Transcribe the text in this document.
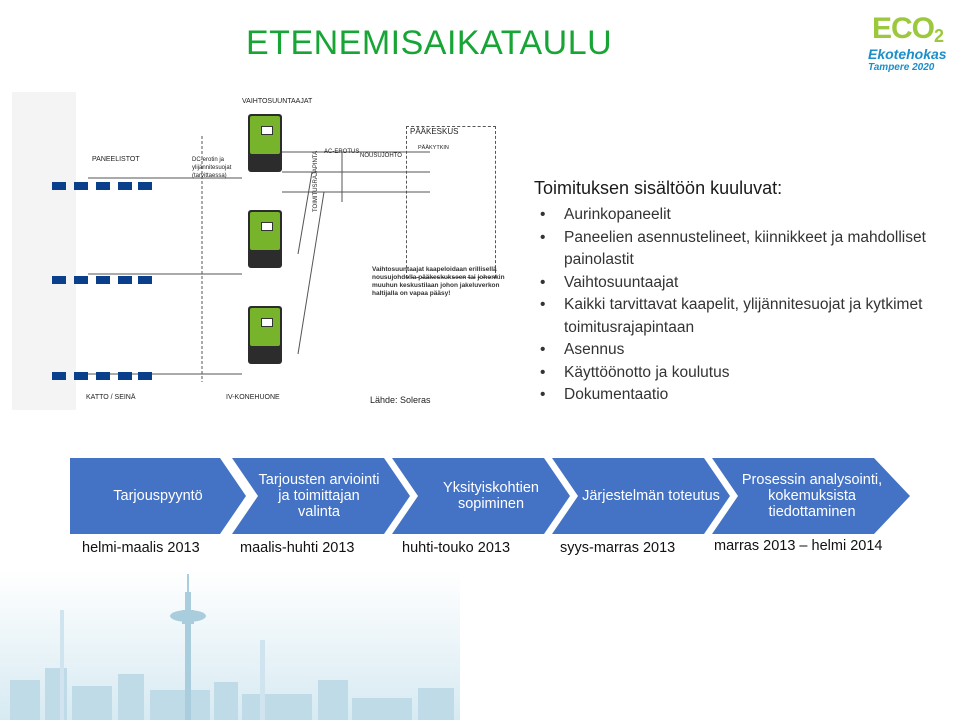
ETENEMISAIKATAULU	$ECO_2$
Ekotehokas
Tampere 2020
PANEELISTOT	DC-erotin ja
ylijännitesuojat
(tarvittaessa)
VAIHTOSUUNTAAJAT
AC-EROTUS
NOUSUJOHTO
TOIMITUSRAJAPINTA
PÄÄKESKUS
PÄÄKYTKIN
KATTO / SEINÄ	IV-KONEHUONE
Vaihtosuuntaajat kaapeloidaan erillisellä nousujohdolla pääkeskukseen tai johonkin muuhun keskustilaan johon jakeluverkon haltijalla on vapaa pääsy!
Lähde: Soleras
Toimituksen sisältöön kuuluvat:
• Aurinkopaneelit
• Paneelien asennustelineet, kiinnikkeet ja mahdolliset painolastit
• Vaihtosuuntaajat
• Kaikki tarvittavat kaapelit, ylijännitesuojat ja kytkimet toimitusrajapintaan
• Asennus
• Käyttöönotto ja koulutus
• Dokumentaatio
Tarjouspyyntö
Tarjousten arviointi ja toimittajan valinta
Yksityiskohtien sopiminen	Järjestelmän toteutus
Prosessin analysointi, kokemuksista tiedottaminen
helmi-maalis 2013	maalis-huhti 2013	huhti-touko 2013	syys-marras 2013	marras 2013 – helmi 2014
